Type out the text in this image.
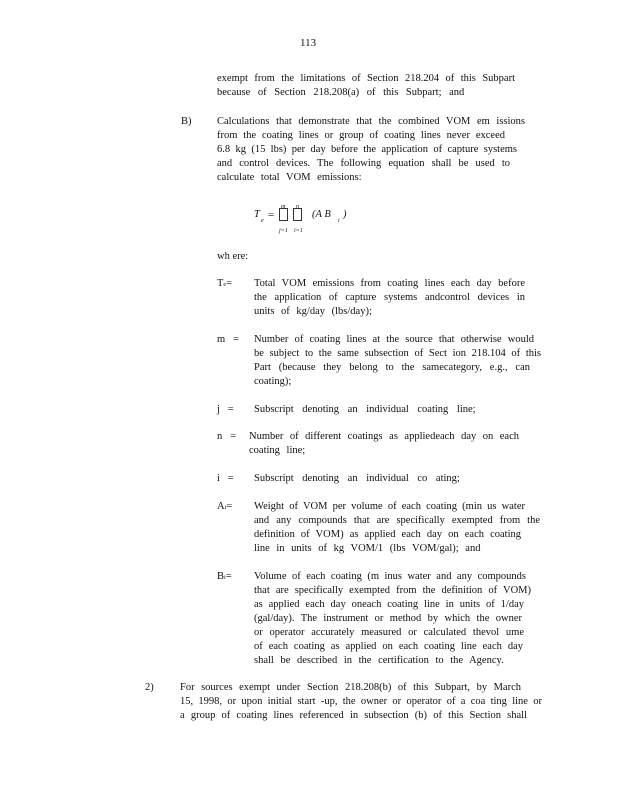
113
exempt from the limitations of Section 218.204 of this Subpart
because of Section 218.208(a) of this Subpart; and
B) Calculations that demonstrate that the combined VOM em issions
from the coating lines or group of coating lines never exceed
6.8 kg (15 lbs) per day before the application of capture systems
and control devices. The following equation shall be used to
calculate total VOM emissions:
T
e =
m
j=1
n
i=1
(A B
i
)
wh ere:
Te= Total VOM emissions from coating lines each day before
the application of capture systems andcontrol devices in
units of kg/day (lbs/day);
m = Number of coating lines at the source that otherwise would
be subject to the same subsection of Sect ion 218.104 of this
Part (because they belong to the samecategory, e.g., can
coating);
j = Subscript denoting an individual coating line;
n = Number of different coatings as appliedeach day on each
coating line;
i = Subscript denoting an individual co ating;
Ai= Weight of VOM per volume of each coating (min us water
and any compounds that are specifically exempted from the
definition of VOM) as applied each day on each coating
line in units of kg VOM/1 (lbs VOM/gal); and
Bi= Volume of each coating (m inus water and any compounds
that are specifically exempted from the definition of VOM)
as applied each day oneach coating line in units of 1/day
(gal/day). The instrument or method by which the owner
or operator accurately measured or calculated thevol ume
of each coating as applied on each coating line each day
shall be described in the certification to the Agency.
2)	For sources exempt under Section 218.208(b) of this Subpart, by March
15, 1998, or upon initial start -up, the owner or operator of a coa ting line or
a group of coating lines referenced in subsection (b) of this Section shall
